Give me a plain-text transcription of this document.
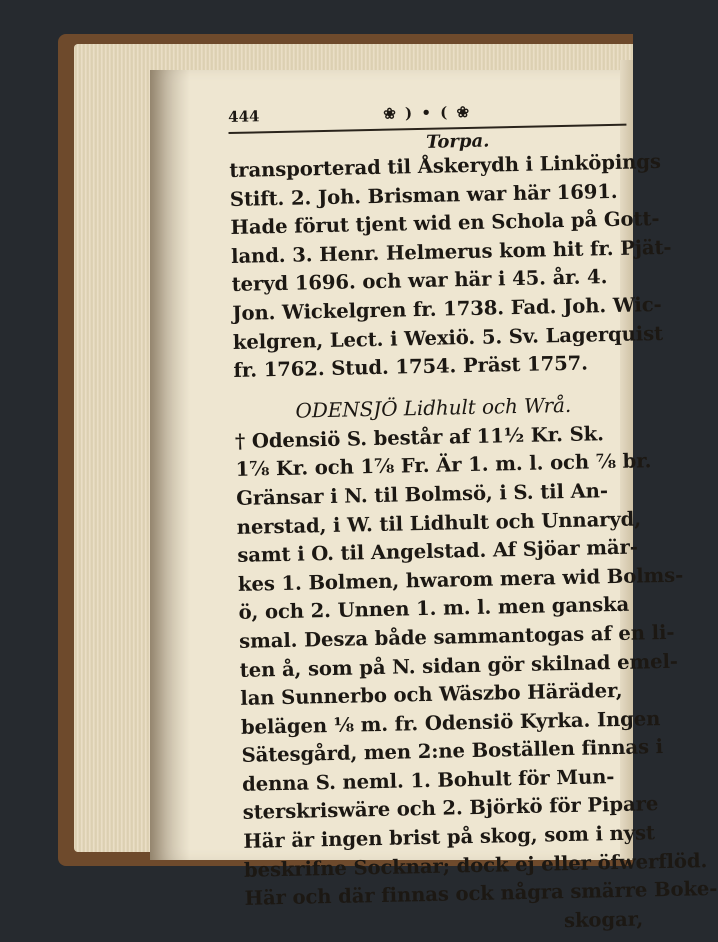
444	❀ ) • ( ❀
Torpa.
transporterad til Åskerydh i Linköpings
Stift. 2. Joh. Brisman war här 1691.
Hade förut tjent wid en Schola på Gott-
land. 3. Henr. Helmerus kom hit fr. Pjät-
teryd 1696. och war här i 45. år. 4.
Jon. Wickelgren fr. 1738. Fad. Joh. Wic-
kelgren, Lect. i Wexiö. 5. Sv. Lagerquist
fr. 1762. Stud. 1754. Präst 1757.
ODENSJÖ Lidhult och Wrå.
† Odensiö S. består af 11½ Kr. Sk.
1⅞ Kr. och 1⅞ Fr. Är 1. m. l. och ⅞ br.
Gränsar i N. til Bolmsö, i S. til An-
nerstad, i W. til Lidhult och Unnaryd,
samt i O. til Angelstad. Af Sjöar mär-
kes 1. Bolmen, hwarom mera wid Bolms-
ö, och 2. Unnen 1. m. l. men ganska
smal. Desza både sammantogas af en li-
ten å, som på N. sidan gör skilnad emel-
lan Sunnerbo och Wäszbo Häräder,
belägen ⅛ m. fr. Odensiö Kyrka. Ingen
Sätesgård, men 2:ne Boställen finnas i
denna S. neml. 1. Bohult för Mun-
sterskriswäre och 2. Björkö för Pipare
Här är ingen brist på skog, som i nyst
beskrifne Socknar; dock ej eller öfwerflöd.
Här och där finnas ock några smärre Boke-
skogar,
